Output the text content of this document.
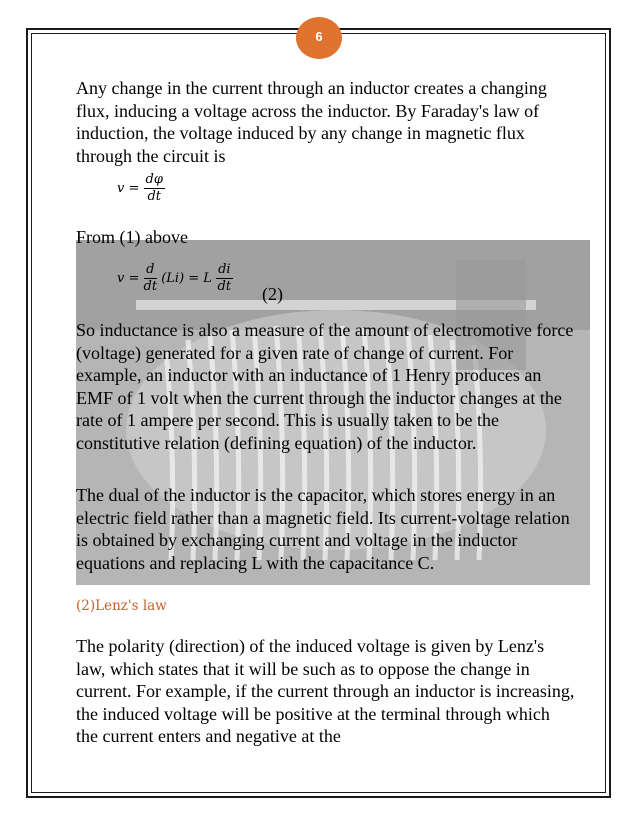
6
Any change in the current through an inductor creates a changing flux, inducing a voltage across the inductor. By Faraday's law of induction, the voltage induced by any change in magnetic flux through the circuit is
$v = \frac{d\varphi}{dt}$
From (1) above
$v = \frac{d}{dt} (Li) = L \frac{di}{dt} (2)$
So inductance is also a measure of the amount of electromotive force (voltage) generated for a given rate of change of current. For example, an inductor with an inductance of 1 Henry produces an EMF of 1 volt when the current through the inductor changes at the rate of 1 ampere per second. This is usually taken to be the constitutive relation (defining equation) of the inductor.
The dual of the inductor is the capacitor, which stores energy in an electric field rather than a magnetic field. Its current-voltage relation is obtained by exchanging current and voltage in the inductor equations and replacing L with the capacitance C.
(2)Lenz's law
The polarity (direction) of the induced voltage is given by Lenz's law, which states that it will be such as to oppose the change in current. For example, if the current through an inductor is increasing, the induced voltage will be positive at the terminal through which the current enters and negative at the
